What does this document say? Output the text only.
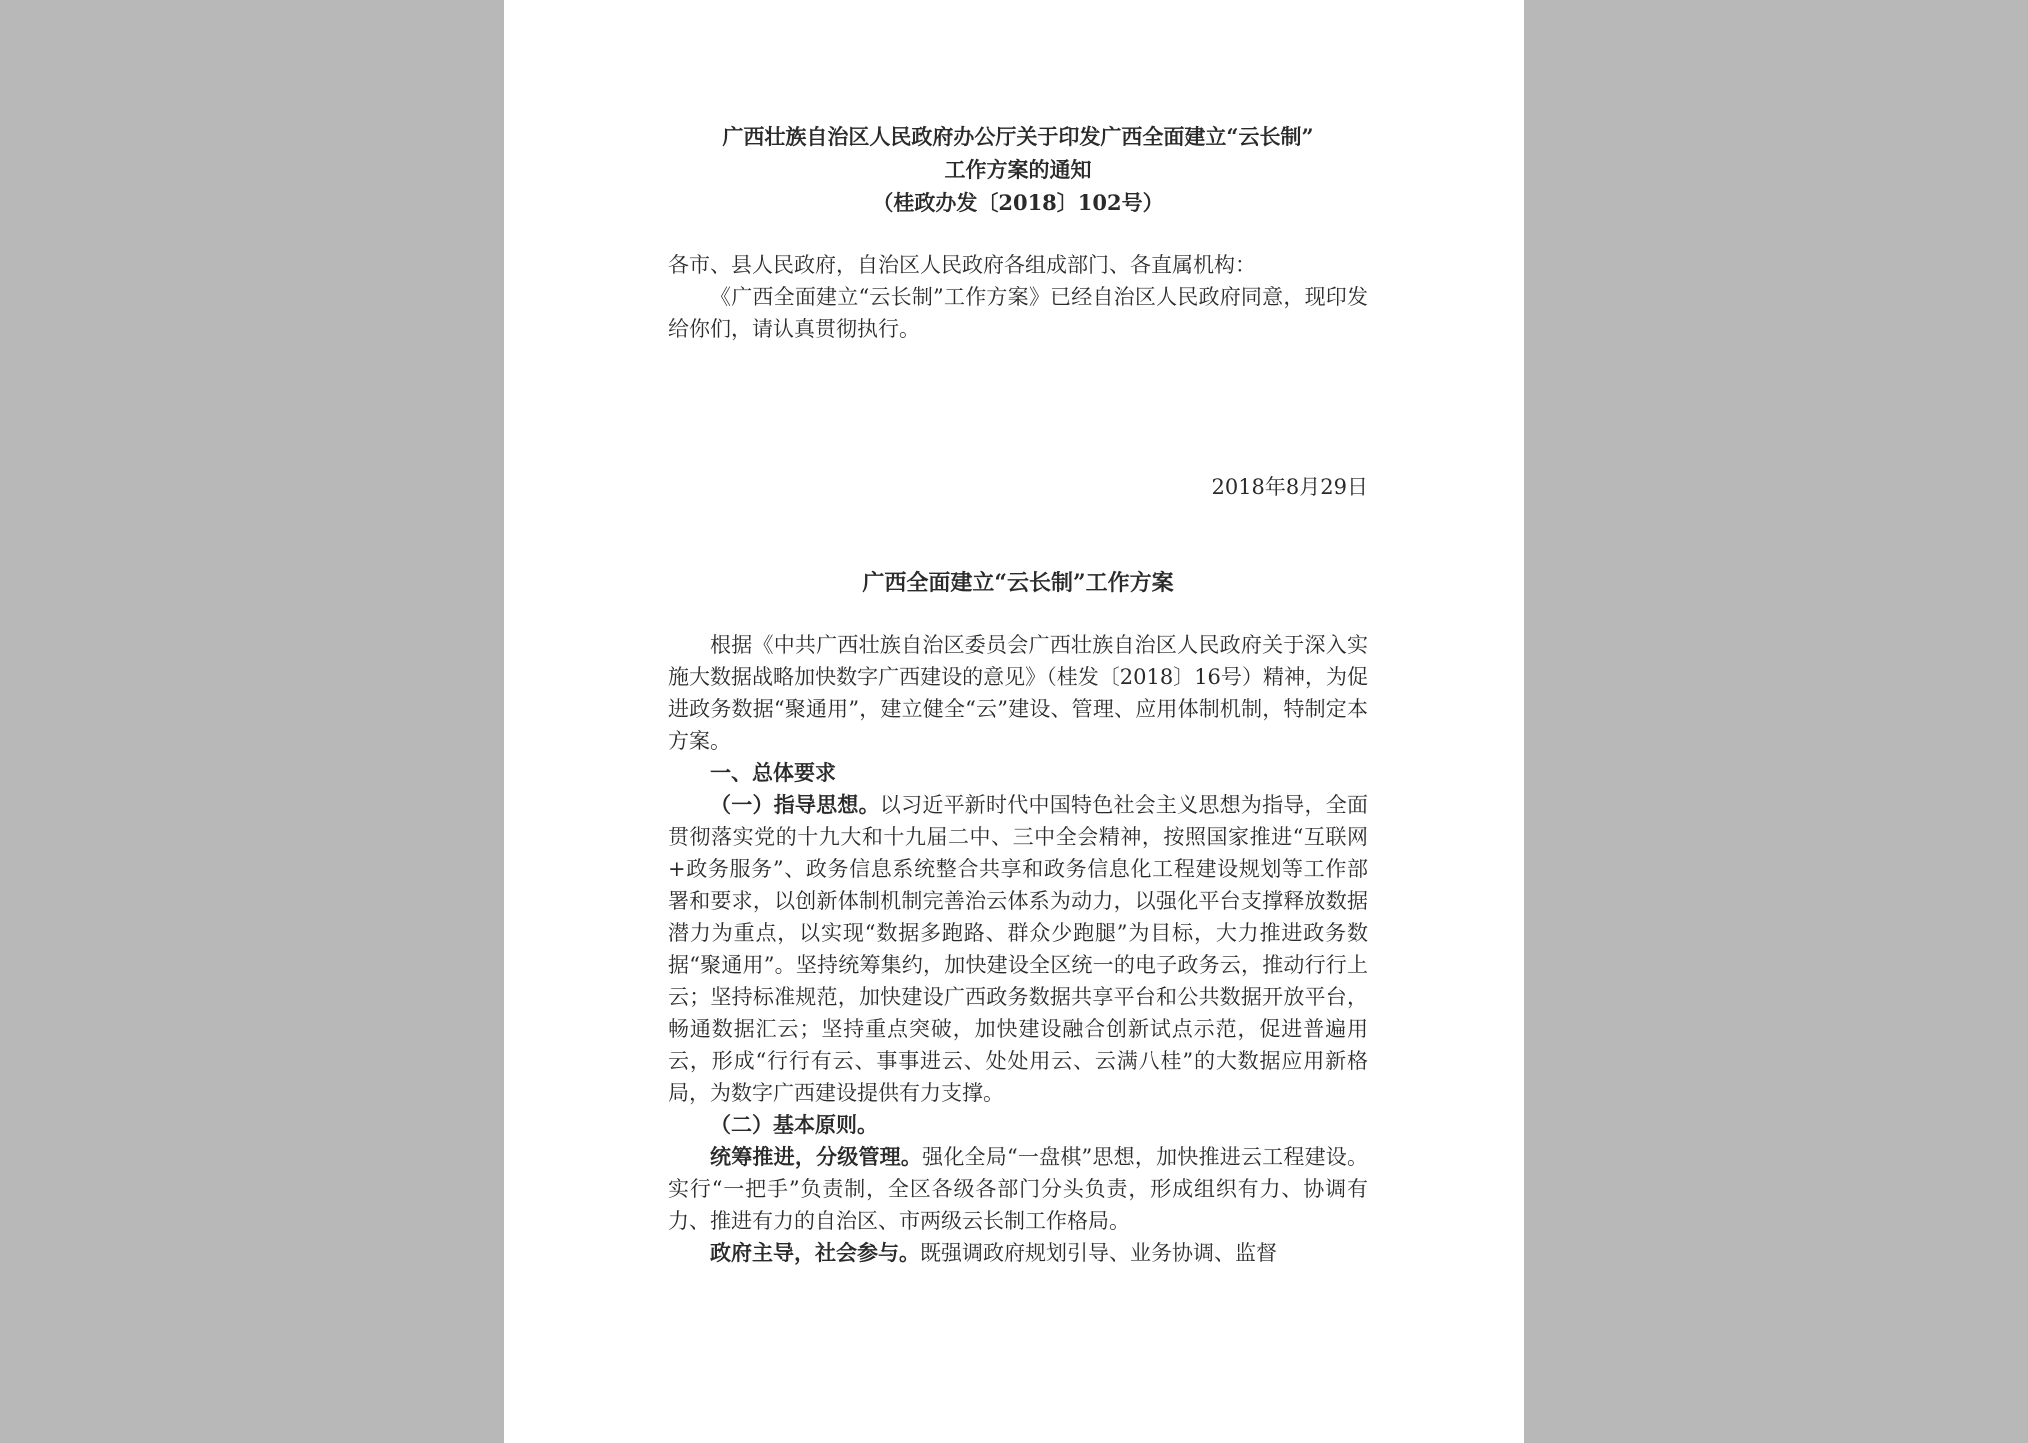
广西壮族自治区人民政府办公厅关于印发广西全面建立“云长制”
工作方案的通知
（桂政办发〔2018〕102号）

各市、县人民政府，自治区人民政府各组成部门、各直属机构：

《广西全面建立“云长制”工作方案》已经自治区人民政府同意，现印发给你们，请认真贯彻执行。

2018年8月29日
广西全面建立“云长制”工作方案

根据《中共广西壮族自治区委员会广西壮族自治区人民政府关于深入实施大数据战略加快数字广西建设的意见》（桂发〔2018〕16号）精神，为促进政务数据“聚通用”，建立健全“云”建设、管理、应用体制机制，特制定本方案。

一、总体要求

（一）指导思想。以习近平新时代中国特色社会主义思想为指导，全面贯彻落实党的十九大和十九届二中、三中全会精神，按照国家推进“互联网+政务服务”、政务信息系统整合共享和政务信息化工程建设规划等工作部署和要求，以创新体制机制完善治云体系为动力，以强化平台支撑释放数据潜力为重点，以实现“数据多跑路、群众少跑腿”为目标，大力推进政务数据“聚通用”。坚持统筹集约，加快建设全区统一的电子政务云，推动行行上云；坚持标准规范，加快建设广西政务数据共享平台和公共数据开放平台，畅通数据汇云；坚持重点突破，加快建设融合创新试点示范，促进普遍用云，形成“行行有云、事事进云、处处用云、云满八桂”的大数据应用新格局，为数字广西建设提供有力支撑。

（二）基本原则。

统筹推进，分级管理。强化全局“一盘棋”思想，加快推进云工程建设。实行“一把手”负责制，全区各级各部门分头负责，形成组织有力、协调有力、推进有力的自治区、市两级云长制工作格局。

政府主导，社会参与。既强调政府规划引导、业务协调、监督
